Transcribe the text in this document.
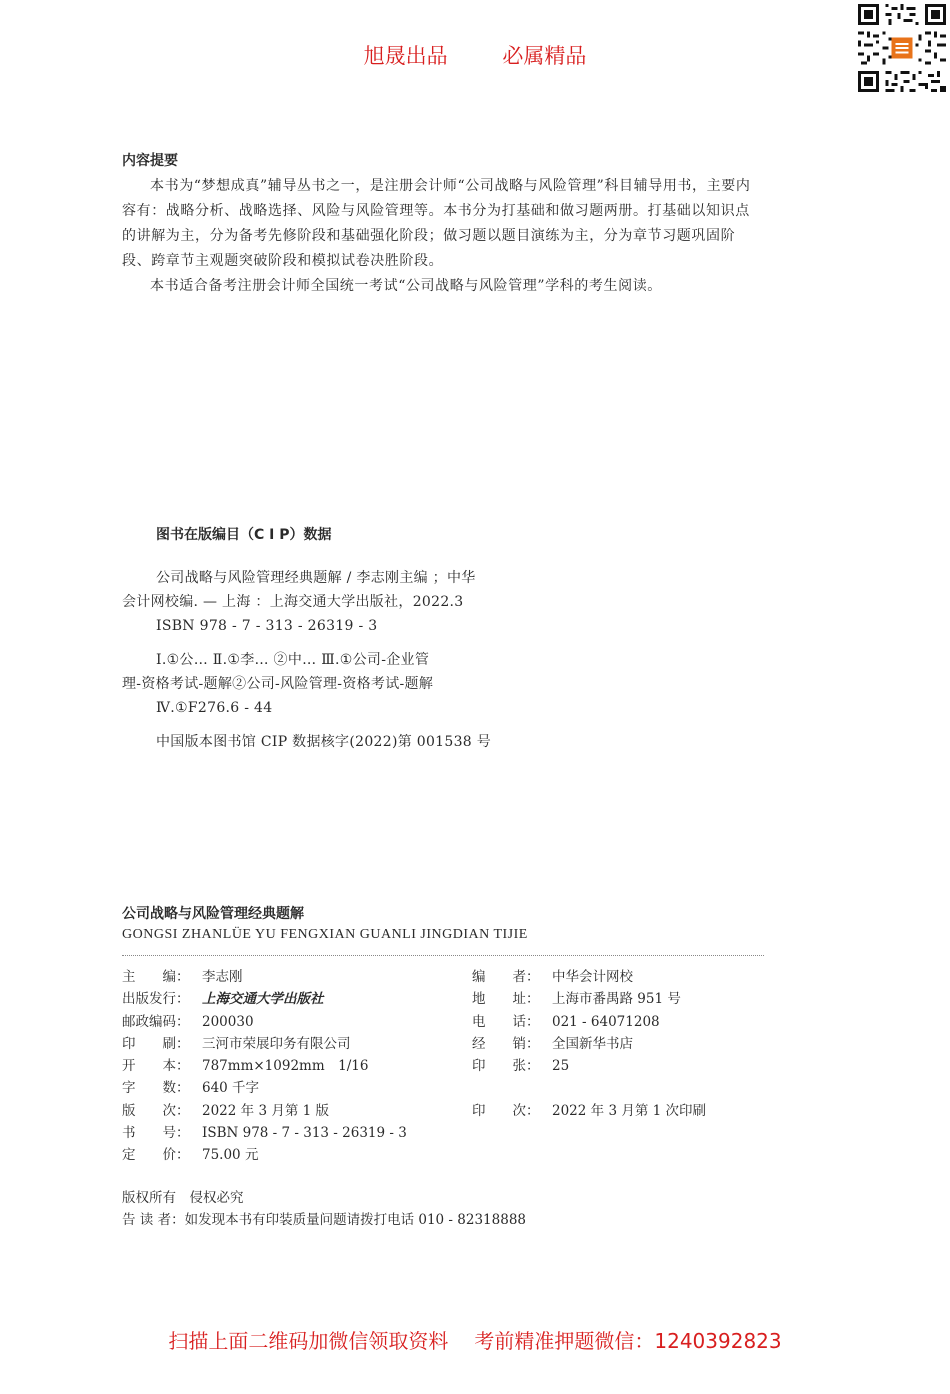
旭晟出品	必属精品
内容提要

本书为“梦想成真”辅导丛书之一，是注册会计师“公司战略与风险管理”科目辅导用书，主要内容有：战略分析、战略选择、风险与风险管理等。本书分为打基础和做习题两册。打基础以知识点的讲解为主，分为备考先修阶段和基础强化阶段；做习题以题目演练为主，分为章节习题巩固阶段、跨章节主观题突破阶段和模拟试卷决胜阶段。

本书适合备考注册会计师全国统一考试“公司战略与风险管理”学科的考生阅读。

图书在版编目（C I P）数据
公司战略与风险管理经典题解 / 李志刚主编 ；中华
会计网校编. — 上海 ：上海交通大学出版社，2022.3
ISBN 978 - 7 - 313 - 26319 - 3
Ⅰ.①公… Ⅱ.①李… ②中… Ⅲ.①公司-企业管
理-资格考试-题解②公司-风险管理-资格考试-题解
Ⅳ.①F276.6 - 44
中国版本图书馆 CIP 数据核字(2022)第 001538 号
公司战略与风险管理经典题解
GONGSI ZHANLÜE YU FENGXIAN GUANLI JINGDIAN TIJIE
主　　编： 李志刚	编　　者： 中华会计网校
出版发行： 上海交通大学出版社	地　　址： 上海市番禺路 951 号
邮政编码： 200030	电　　话： 021 - 64071208
印　　刷： 三河市荣展印务有限公司	经　　销： 全国新华书店
开　　本： 787mm×1092mm　1/16	印　　张： 25
字　　数： 640 千字
版　　次： 2022 年 3 月第 1 版	印　　次： 2022 年 3 月第 1 次印刷
书　　号： ISBN 978 - 7 - 313 - 26319 - 3
定　　价： 75.00 元
版权所有　侵权必究
告 读 者：如发现本书有印装质量问题请拨打电话 010 - 82318888
扫描上面二维码加微信领取资料 考前精准押题微信：1240392823
